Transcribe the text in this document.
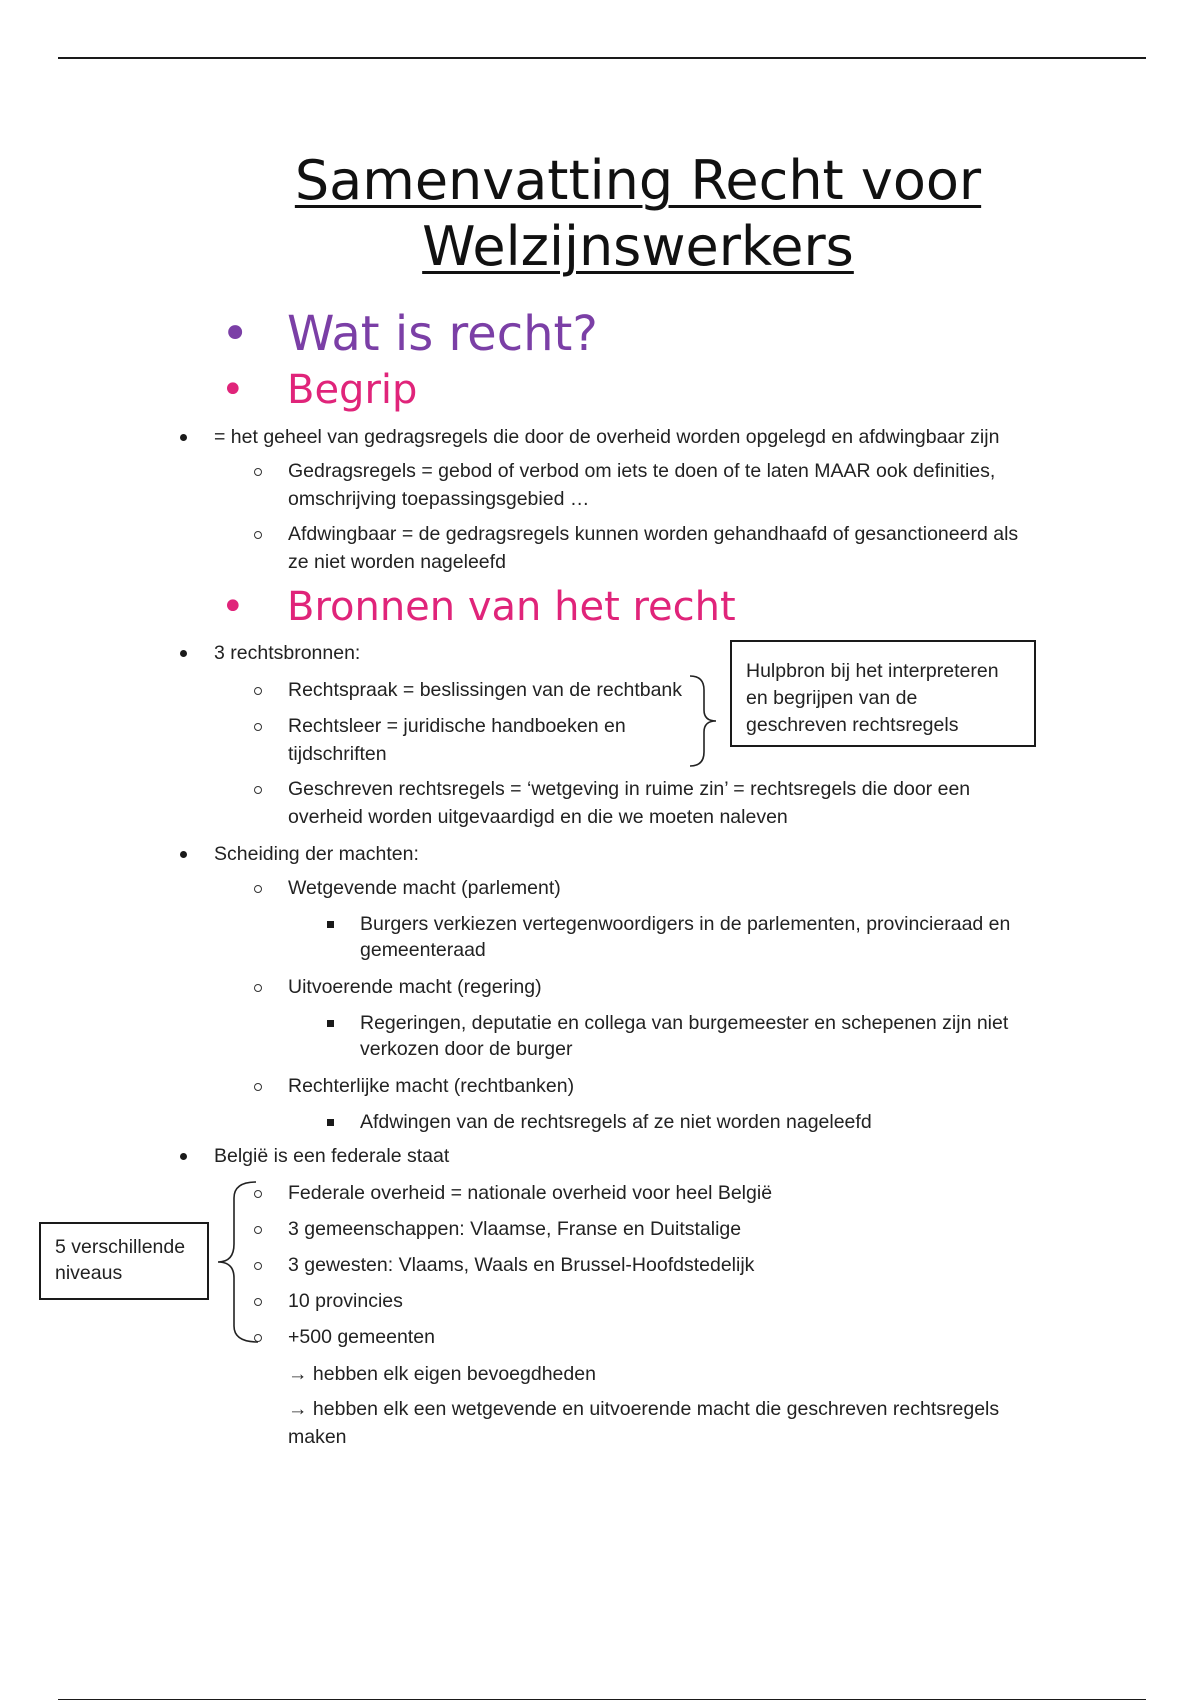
Samenvatting Recht voor
Welzijnswerkers
• Wat is recht?
• Begrip
= het geheel van gedragsregels die door de overheid worden opgelegd en afdwingbaar zijn
Gedragsregels = gebod of verbod om iets te doen of te laten MAAR ook definities,
omschrijving toepassingsgebied …
Afdwingbaar = de gedragsregels kunnen worden gehandhaafd of gesanctioneerd als
ze niet worden nageleefd
• Bronnen van het recht
3 rechtsbronnen:
Rechtspraak = beslissingen van de rechtbank
Rechtsleer = juridische handboeken en
tijdschriften
Geschreven rechtsregels = ‘wetgeving in ruime zin’ = rechtsregels die door een
overheid worden uitgevaardigd en die we moeten naleven
Hulpbron bij het interpreteren
en begrijpen van de
geschreven rechtsregels
Scheiding der machten:
Wetgevende macht (parlement)
Burgers verkiezen vertegenwoordigers in de parlementen, provincieraad en
gemeenteraad
Uitvoerende macht (regering)
Regeringen, deputatie en collega van burgemeester en schepenen zijn niet
verkozen door de burger
Rechterlijke macht (rechtbanken)
Afdwingen van de rechtsregels af ze niet worden nageleefd
België is een federale staat
Federale overheid = nationale overheid voor heel België
3 gemeenschappen: Vlaamse, Franse en Duitstalige
3 gewesten: Vlaams, Waals en Brussel-Hoofdstedelijk
10 provincies
+500 gemeenten
→ hebben elk eigen bevoegdheden
→ hebben elk een wetgevende en uitvoerende macht die geschreven rechtsregels
maken
5 verschillende
niveaus
